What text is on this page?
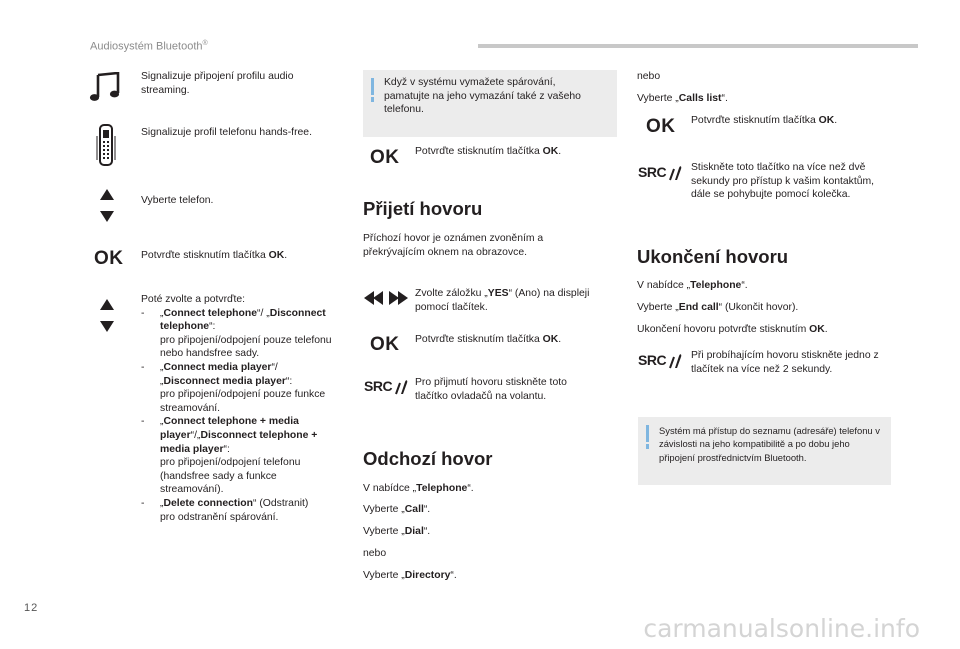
Audiosystém Bluetooth®
Signalizuje připojení profilu audio streaming.
Signalizuje profil telefonu hands-free.
Vyberte telefon.
OK Potvrďte stisknutím tlačítka OK.
Poté zvolte a potvrďte:
- „Connect telephone“/ „Disconnect telephone“:
pro připojení/odpojení pouze telefonu nebo handsfree sady.
- „Connect media player“/ „Disconnect media player“:
pro připojení/odpojení pouze funkce streamování.
- „Connect telephone + media player“/„Disconnect telephone + media player“:
pro připojení/odpojení telefonu (handsfree sady a funkce streamování).
- „Delete connection“ (Odstranit)
pro odstranění spárování.
Když v systému vymažete spárování, pamatujte na jeho vymazání také z vašeho telefonu.
OK Potvrďte stisknutím tlačítka OK.
Přijetí hovoru
Příchozí hovor je oznámen zvoněním a překrývajícím oknem na obrazovce.
Zvolte záložku „YES“ (Ano) na displeji pomocí tlačítek.
OK Potvrďte stisknutím tlačítka OK.
SRC Pro přijmutí hovoru stiskněte toto tlačítko ovladačů na volantu.
Odchozí hovor
V nabídce „Telephone“.
Vyberte „Call“.
Vyberte „Dial“.
nebo
Vyberte „Directory“.
nebo
Vyberte „Calls list“.
OK Potvrďte stisknutím tlačítka OK.
SRC Stiskněte toto tlačítko na více než dvě sekundy pro přístup k vašim kontaktům, dále se pohybujte pomocí kolečka.
Ukončení hovoru
V nabídce „Telephone“.
Vyberte „End call“ (Ukončit hovor).
Ukončení hovoru potvrďte stisknutím OK.
SRC Při probíhajícím hovoru stiskněte jedno z tlačítek na více než 2 sekundy.
Systém má přístup do seznamu (adresáře) telefonu v závislosti na jeho kompatibilitě a po dobu jeho připojení prostřednictvím Bluetooth.
12
carmanualsonline.info
